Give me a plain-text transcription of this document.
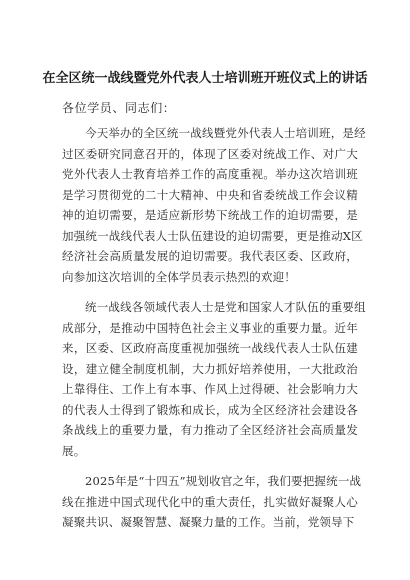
在全区统一战线暨党外代表人士培训班开班仪式上的讲话
各位学员、同志们：
今天举办的全区统一战线暨党外代表人士培训班，是经
过区委研究同意召开的，体现了区委对统战工作、对广大
党外代表人士教育培养工作的高度重视。举办这次培训班
是学习贯彻党的二十大精神、中央和省委统战工作会议精
神的迫切需要，是适应新形势下统战工作的迫切需要，是
加强统一战线代表人士队伍建设的迫切需要，更是推动X区
经济社会高质量发展的迫切需要。我代表区委、区政府，
向参加这次培训的全体学员表示热烈的欢迎！
统一战线各领域代表人士是党和国家人才队伍的重要组
成部分，是推动中国特色社会主义事业的重要力量。近年
来，区委、区政府高度重视加强统一战线代表人士队伍建
设，建立健全制度机制，大力抓好培养使用，一大批政治
上靠得住、工作上有本事、作风上过得硬、社会影响力大
的代表人士得到了锻炼和成长，成为全区经济社会建设各
条战线上的重要力量，有力推动了全区经济社会高质量发
展。
2025年是“十四五”规划收官之年，我们要把握统一战
线在推进中国式现代化中的重大责任，扎实做好凝聚人心
凝聚共识、凝聚智慧、凝聚力量的工作。当前，党领导下
